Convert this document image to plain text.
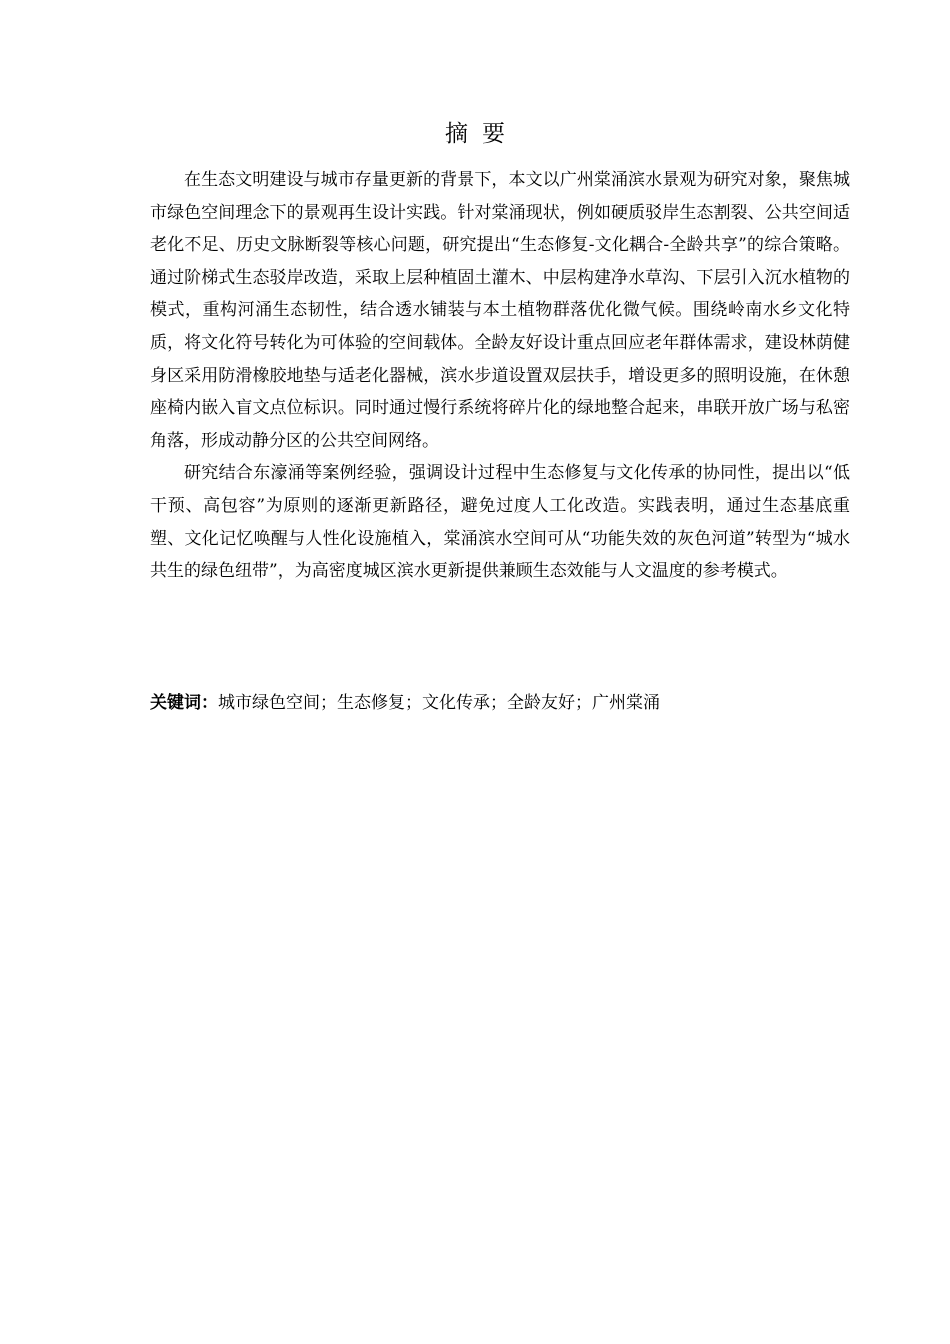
摘要

在生态文明建设与城市存量更新的背景下，本文以广州棠涌滨水景观为研究对象，聚焦城市绿色空间理念下的景观再生设计实践。针对棠涌现状，例如硬质驳岸生态割裂、公共空间适老化不足、历史文脉断裂等核心问题，研究提出“生态修复-文化耦合-全龄共享”的综合策略。通过阶梯式生态驳岸改造，采取上层种植固土灌木、中层构建净水草沟、下层引入沉水植物的模式，重构河涌生态韧性，结合透水铺装与本土植物群落优化微气候。围绕岭南水乡文化特质，将文化符号转化为可体验的空间载体。全龄友好设计重点回应老年群体需求，建设林荫健身区采用防滑橡胶地垫与适老化器械，滨水步道设置双层扶手，增设更多的照明设施，在休憩座椅内嵌入盲文点位标识。同时通过慢行系统将碎片化的绿地整合起来，串联开放广场与私密角落，形成动静分区的公共空间网络。

研究结合东濠涌等案例经验，强调设计过程中生态修复与文化传承的协同性，提出以“低干预、高包容”为原则的逐渐更新路径，避免过度人工化改造。实践表明，通过生态基底重塑、文化记忆唤醒与人性化设施植入，棠涌滨水空间可从“功能失效的灰色河道”转型为“城水共生的绿色纽带”，为高密度城区滨水更新提供兼顾生态效能与人文温度的参考模式。

关键词：城市绿色空间；生态修复；文化传承；全龄友好；广州棠涌
